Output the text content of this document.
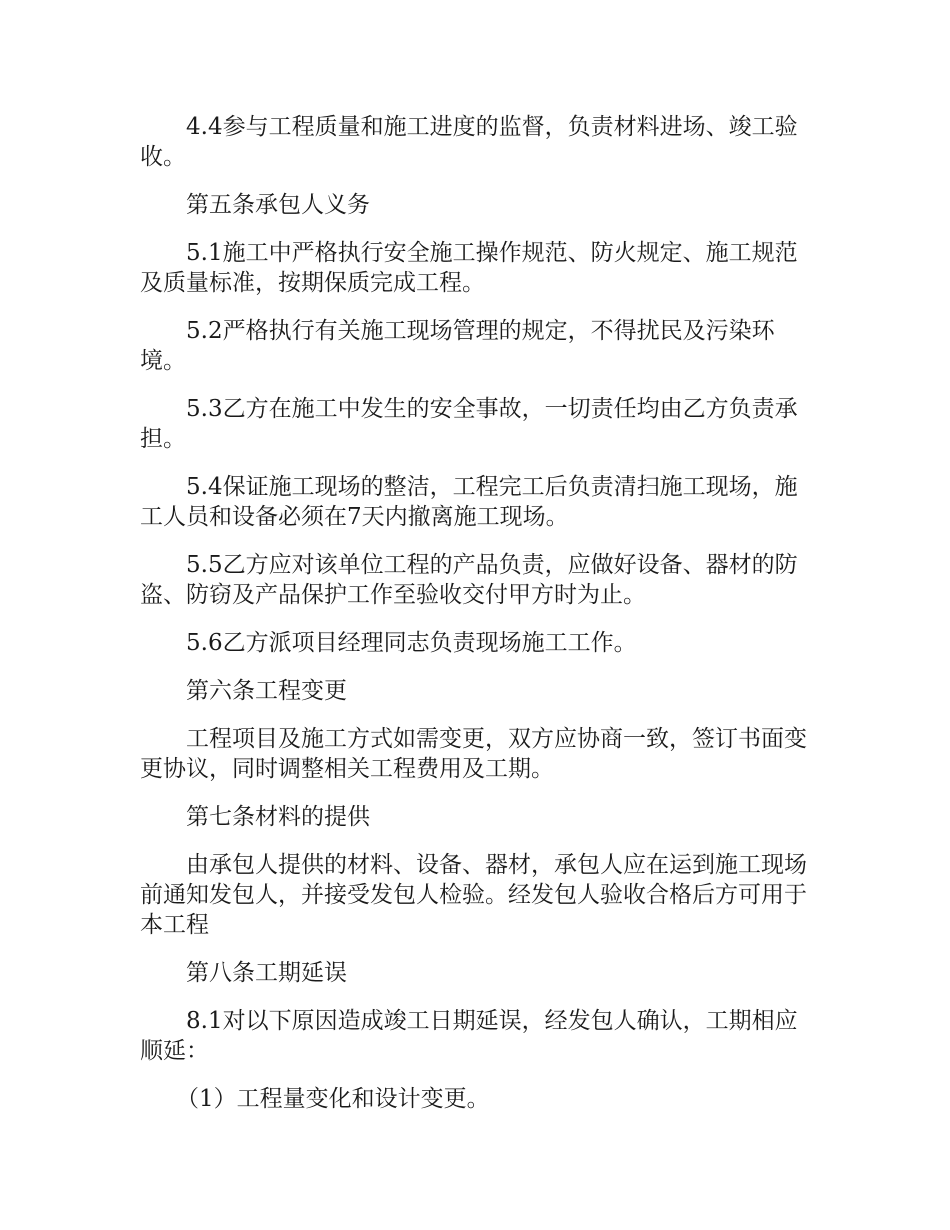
4.4参与工程质量和施工进度的监督，负责材料进场、竣工验收。

第五条承包人义务

5.1施工中严格执行安全施工操作规范、防火规定、施工规范及质量标准，按期保质完成工程。

5.2严格执行有关施工现场管理的规定，不得扰民及污染环境。

5.3乙方在施工中发生的安全事故，一切责任均由乙方负责承担。

5.4保证施工现场的整洁，工程完工后负责清扫施工现场，施工人员和设备必须在7天内撤离施工现场。

5.5乙方应对该单位工程的产品负责，应做好设备、器材的防盗、防窃及产品保护工作至验收交付甲方时为止。

5.6乙方派项目经理同志负责现场施工工作。

第六条工程变更

工程项目及施工方式如需变更，双方应协商一致，签订书面变更协议，同时调整相关工程费用及工期。

第七条材料的提供

由承包人提供的材料、设备、器材，承包人应在运到施工现场前通知发包人，并接受发包人检验。经发包人验收合格后方可用于本工程

第八条工期延误

8.1对以下原因造成竣工日期延误，经发包人确认，工期相应顺延：

（1）工程量变化和设计变更。
